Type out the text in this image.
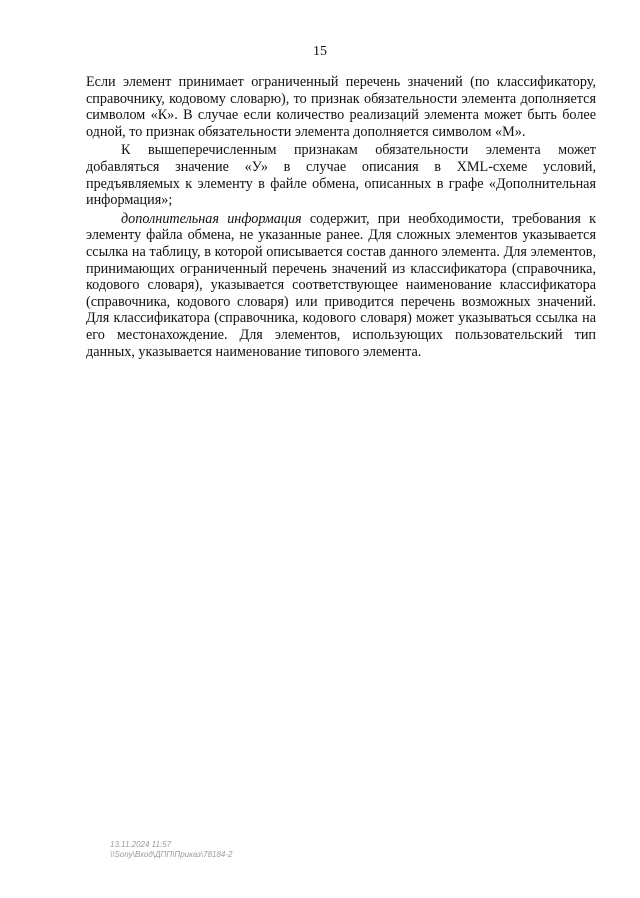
15

Если элемент принимает ограниченный перечень значений (по классификатору, справочнику, кодовому словарю), то признак обязательности элемента дополняется символом «К». В случае если количество реализаций элемента может быть более одной, то признак обязательности элемента дополняется символом «М».

К вышеперечисленным признакам обязательности элемента может добавляться значение «У» в случае описания в XML-схеме условий, предъявляемых к элементу в файле обмена, описанных в графе «Дополнительная информация»;

дополнительная информация содержит, при необходимости, требования к элементу файла обмена, не указанные ранее. Для сложных элементов указывается ссылка на таблицу, в которой описывается состав данного элемента. Для элементов, принимающих ограниченный перечень значений из классификатора (справочника, кодового словаря), указывается соответствующее наименование классификатора (справочника, кодового словаря) или приводится перечень возможных значений. Для классификатора (справочника, кодового словаря) может указываться ссылка на его местонахождение. Для элементов, использующих пользовательский тип данных, указывается наименование типового элемента.

13.11.2024 11:57
\\Sony\Вход\ДПП\Приказ\78184-2
